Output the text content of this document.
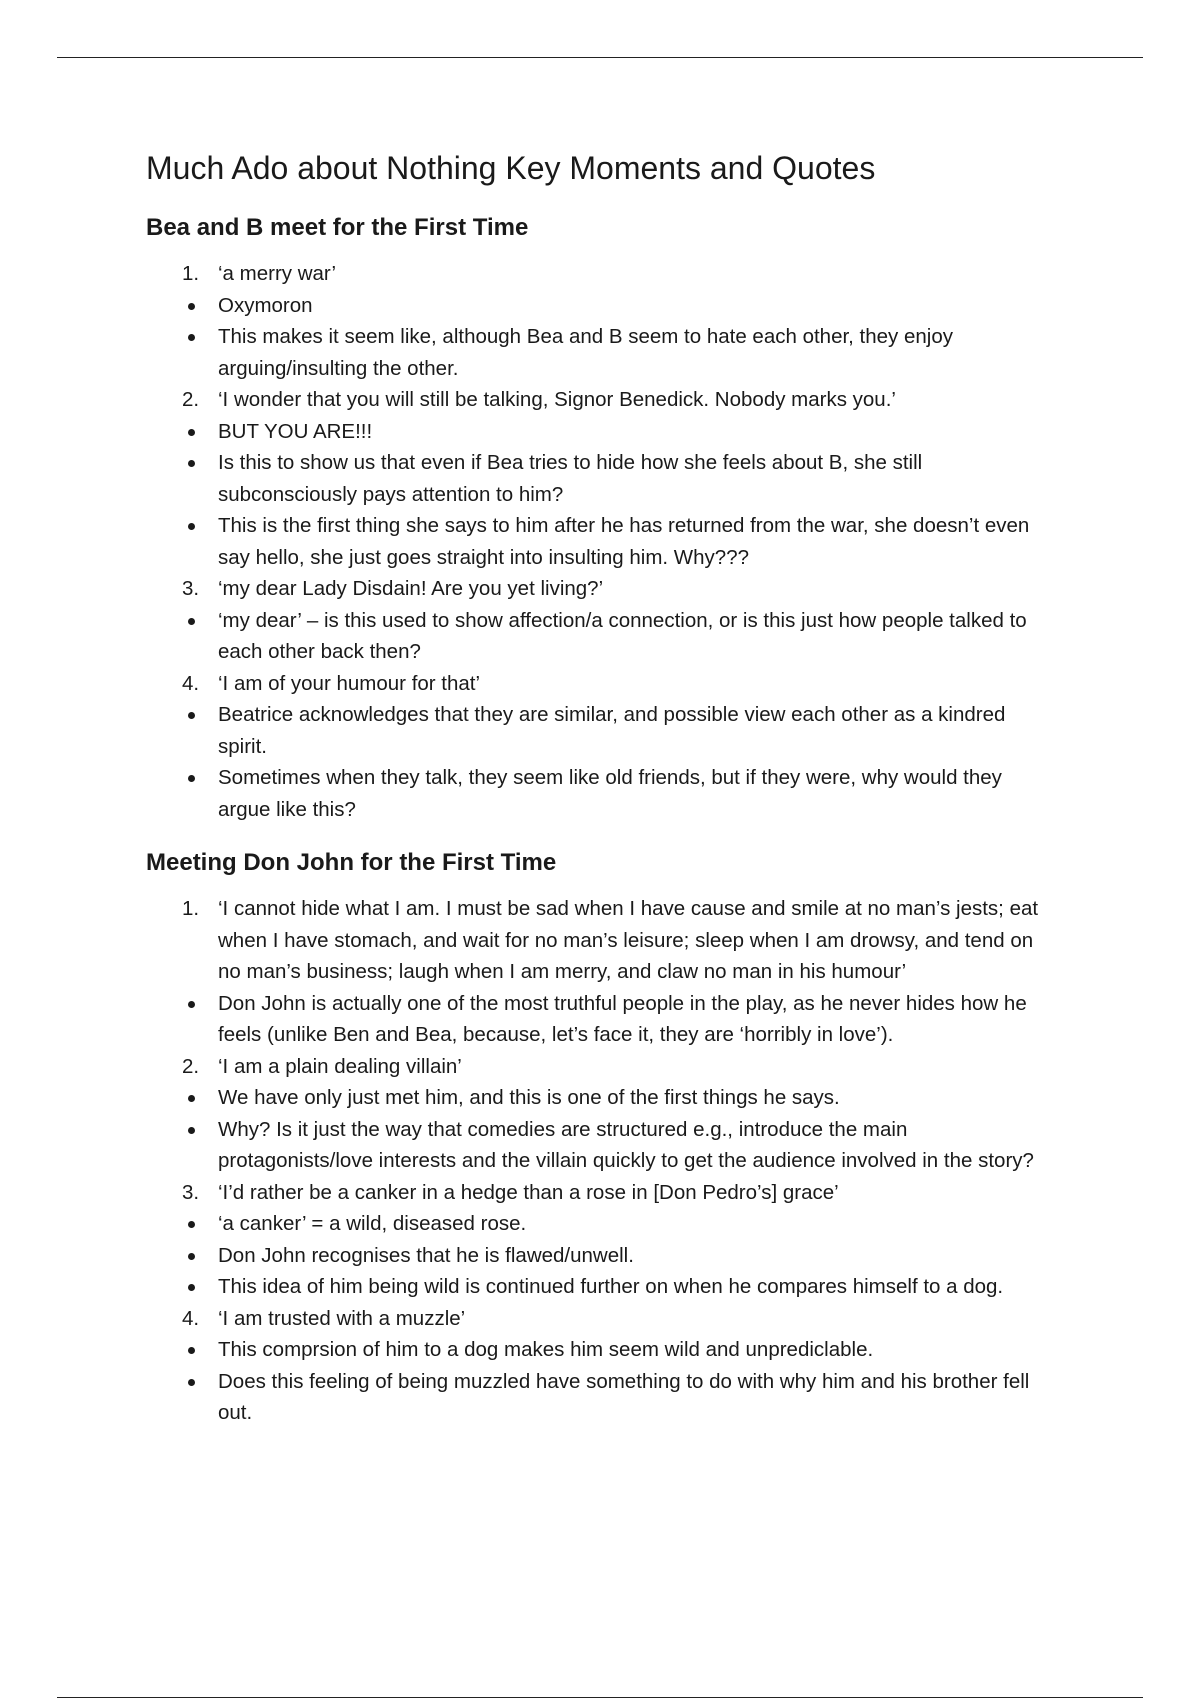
Much Ado about Nothing Key Moments and Quotes
Bea and B meet for the First Time
1. ‘a merry war’
Oxymoron
This makes it seem like, although Bea and B seem to hate each other, they enjoy arguing/insulting the other.
2. ‘I wonder that you will still be talking, Signor Benedick. Nobody marks you.’
BUT YOU ARE!!!
Is this to show us that even if Bea tries to hide how she feels about B, she still subconsciously pays attention to him?
This is the first thing she says to him after he has returned from the war, she doesn’t even say hello, she just goes straight into insulting him. Why???
3. ‘my dear Lady Disdain! Are you yet living?’
‘my dear’ – is this used to show affection/a connection, or is this just how people talked to each other back then?
4. ‘I am of your humour for that’
Beatrice acknowledges that they are similar, and possible view each other as a kindred spirit.
Sometimes when they talk, they seem like old friends, but if they were, why would they argue like this?
Meeting Don John for the First Time
1. ‘I cannot hide what I am. I must be sad when I have cause and smile at no man’s jests; eat when I have stomach, and wait for no man’s leisure; sleep when I am drowsy, and tend on no man’s business; laugh when I am merry, and claw no man in his humour’
Don John is actually one of the most truthful people in the play, as he never hides how he feels (unlike Ben and Bea, because, let’s face it, they are ‘horribly in love’).
2. ‘I am a plain dealing villain’
We have only just met him, and this is one of the first things he says.
Why? Is it just the way that comedies are structured e.g., introduce the main protagonists/love interests and the villain quickly to get the audience involved in the story?
3. ‘I’d rather be a canker in a hedge than a rose in [Don Pedro’s] grace’
‘a canker’ = a wild, diseased rose.
Don John recognises that he is flawed/unwell.
This idea of him being wild is continued further on when he compares himself to a dog.
4. ‘I am trusted with a muzzle’
This comprsion of him to a dog makes him seem wild and unprediclable.
Does this feeling of being muzzled have something to do with why him and his brother fell out.
